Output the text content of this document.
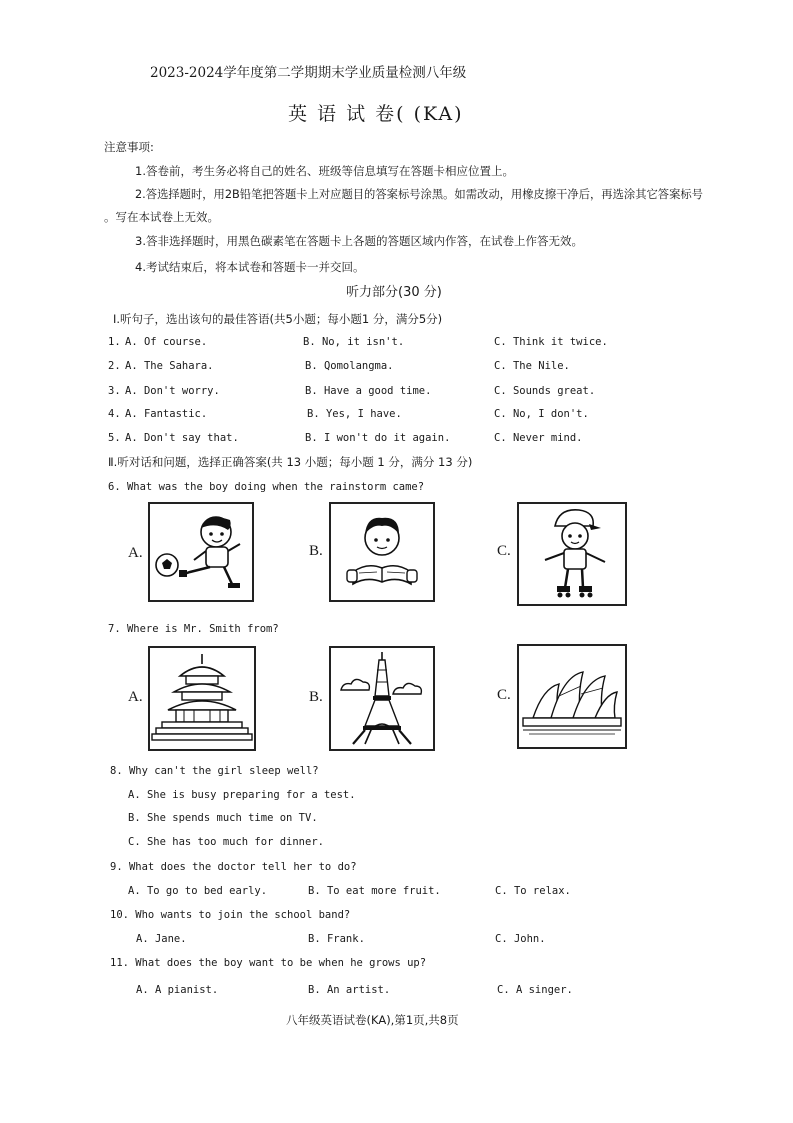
2023-2024学年度第二学期期末学业质量检测八年级
英 语 试 卷( (KA)
注意事项:
1.答卷前，考生务必将自己的姓名、班级等信息填写在答题卡相应位置上。
2.答选择题时，用2B铅笔把答题卡上对应题目的答案标号涂黑。如需改动，用橡皮擦干净后，再选涂其它答案标号
。写在本试卷上无效。
3.答非选择题时，用黑色碳素笔在答题卡上各题的答题区域内作答，在试卷上作答无效。
4.考试结束后，将本试卷和答题卡一并交回。
听力部分(30 分)
Ⅰ.听句子，选出该句的最佳答语(共5小题；每小题1 分，满分5分)
1. A. Of course.	B. No, it isn't.	C. Think it twice.
2. A. The Sahara.	B. Qomolangma.	C. The Nile.
3. A. Don't worry.	B. Have a good time.	C. Sounds great.
4. A. Fantastic.	B. Yes, I have.	C. No, I don't.
5. A. Don't say that.	B. I won't do it again.	C. Never mind.
Ⅱ.听对话和问题，选择正确答案(共 13 小题；每小题 1 分，满分 13 分)
6. What was the boy doing when the rainstorm came?
A.	B.	C.
7. Where is Mr. Smith from?
A.	B.	C.
8. Why can't the girl sleep well?
A. She is busy preparing for a test.
B. She spends much time on TV.
C. She has too much for dinner.
9. What does the doctor tell her to do?
A. To go to bed early.	B. To eat more fruit.	C. To relax.
10. Who wants to join the school band?
A. Jane.	B. Frank.	C. John.
11. What does the boy want to be when he grows up?
A. A pianist.	B. An artist.	C. A singer.
八年级英语试卷(KA),第1页,共8页
